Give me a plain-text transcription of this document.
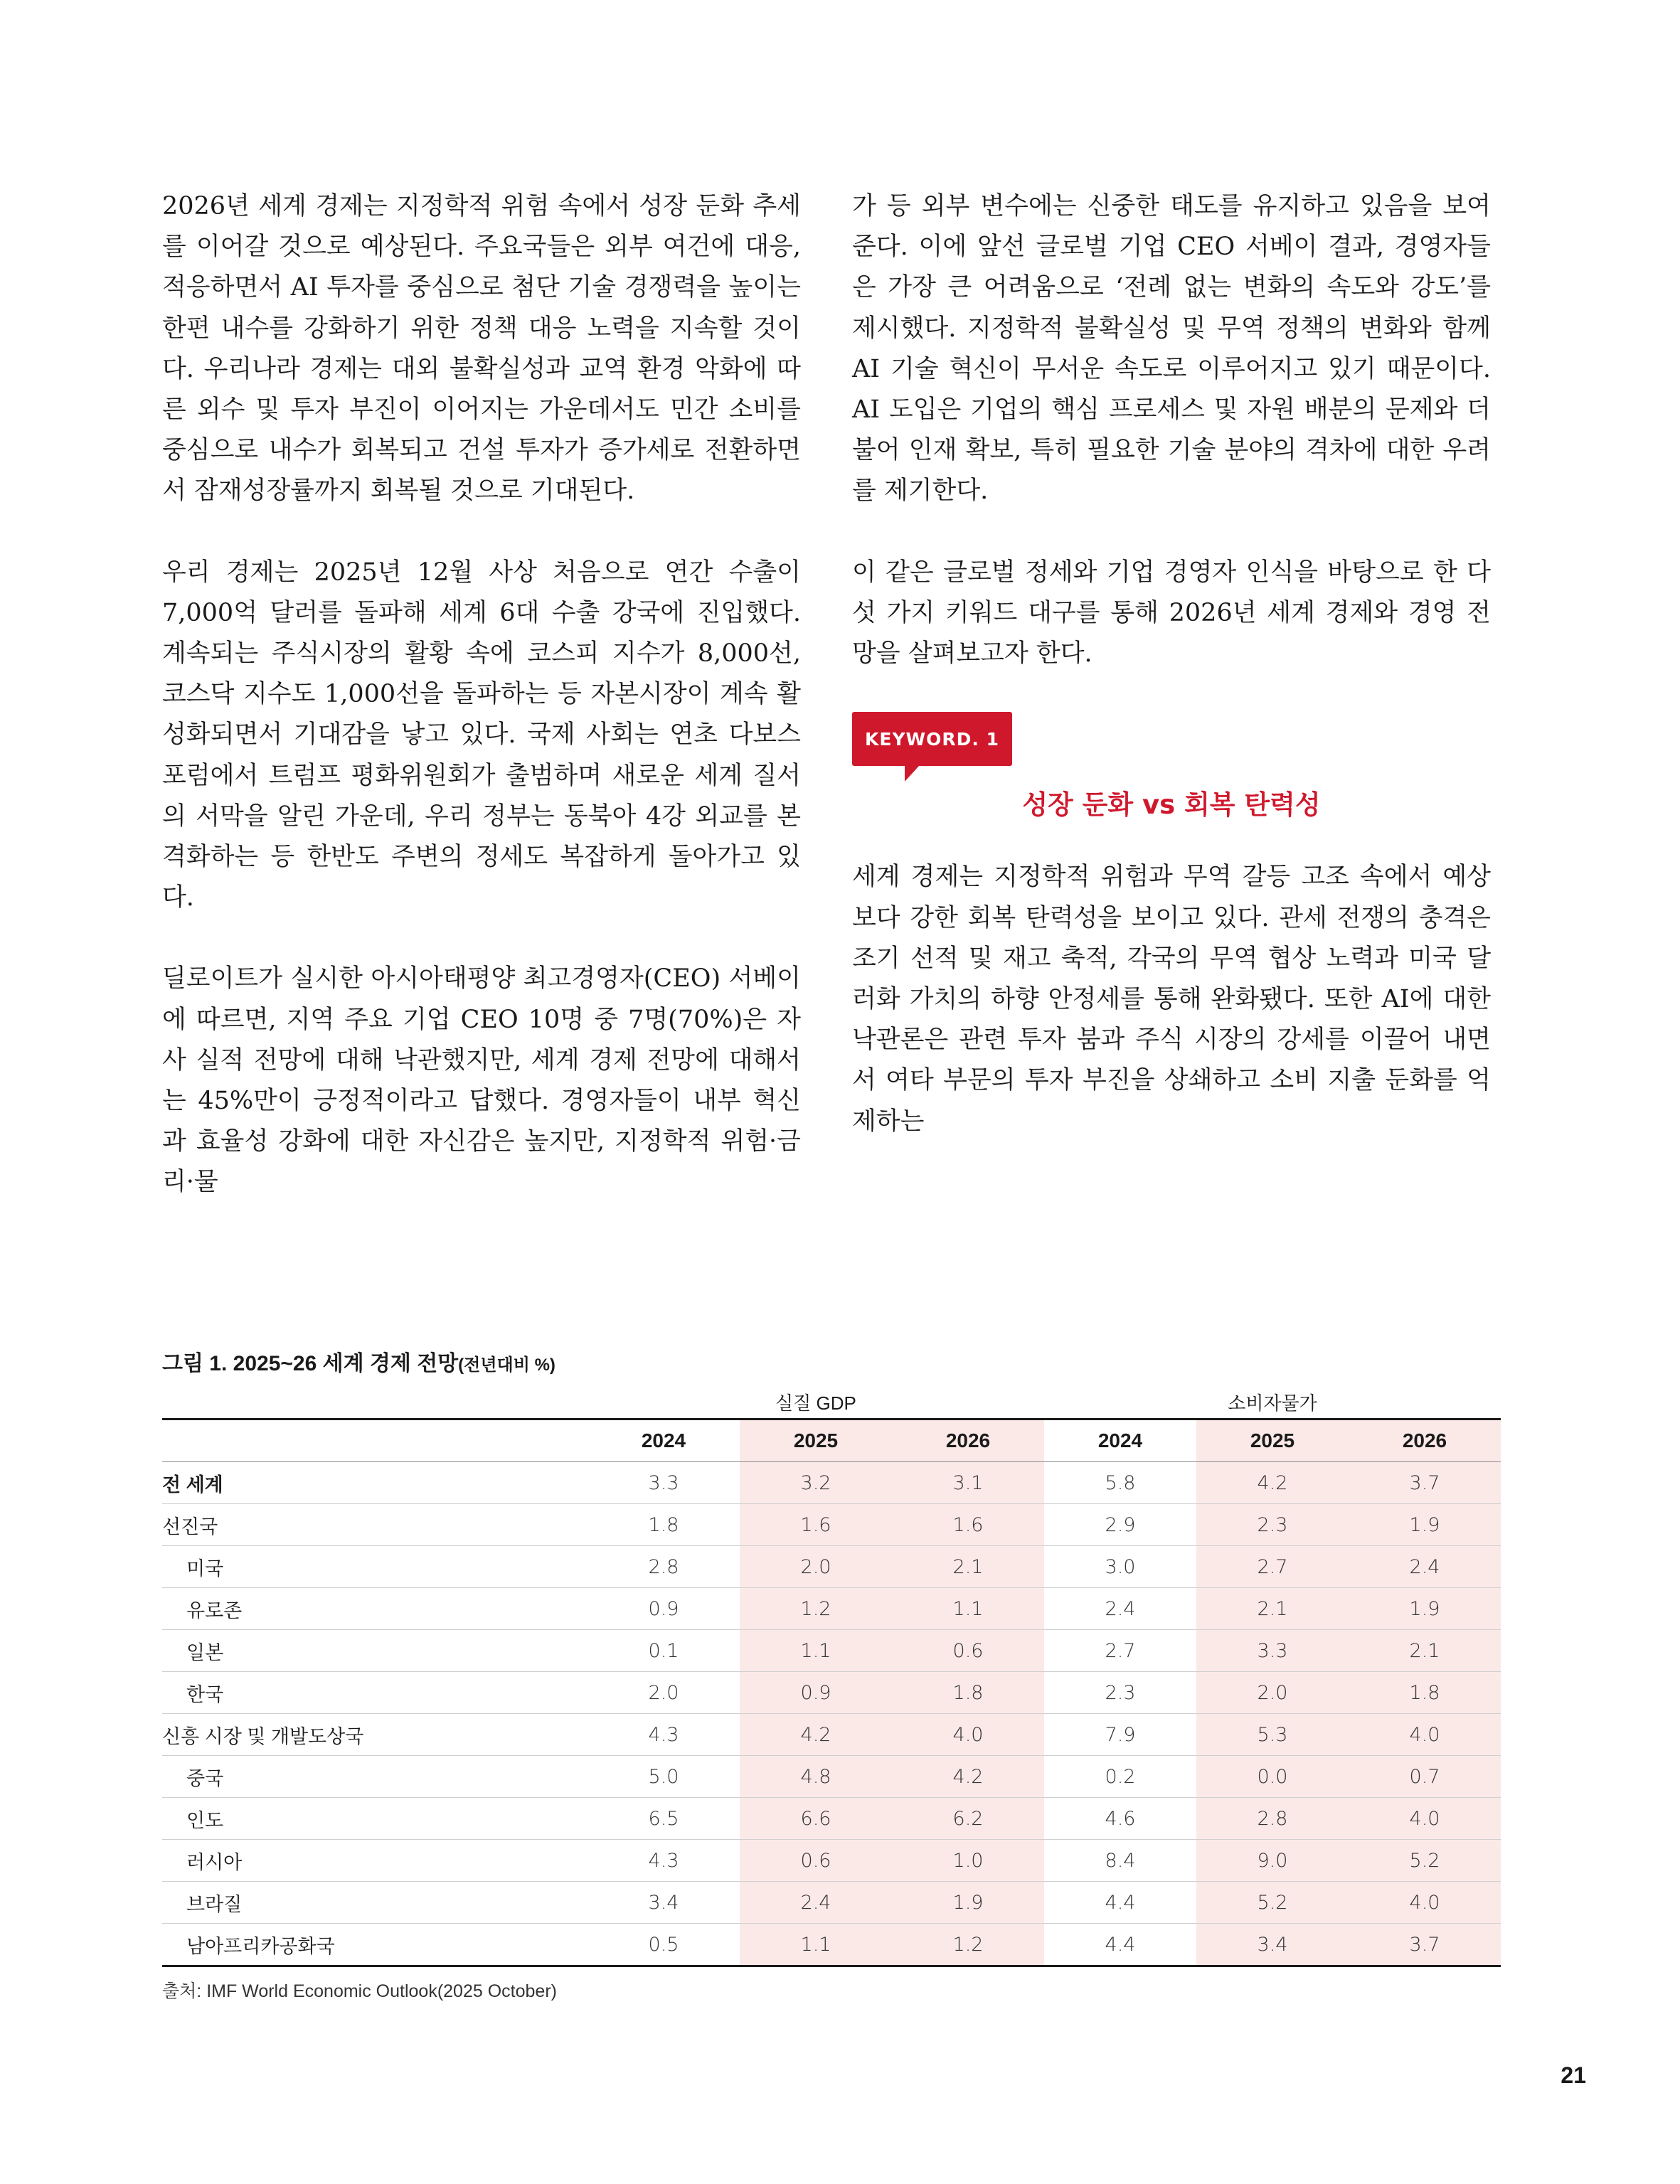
2026년 세계 경제는 지정학적 위험 속에서 성장 둔화 추세를 이어갈 것으로 예상된다. 주요국들은 외부 여건에 대응, 적응하면서 AI 투자를 중심으로 첨단 기술 경쟁력을 높이는 한편 내수를 강화하기 위한 정책 대응 노력을 지속할 것이다. 우리나라 경제는 대외 불확실성과 교역 환경 악화에 따른 외수 및 투자 부진이 이어지는 가운데서도 민간 소비를 중심으로 내수가 회복되고 건설 투자가 증가세로 전환하면서 잠재성장률까지 회복될 것으로 기대된다.

우리 경제는 2025년 12월 사상 처음으로 연간 수출이 7,000억 달러를 돌파해 세계 6대 수출 강국에 진입했다. 계속되는 주식시장의 활황 속에 코스피 지수가 8,000선, 코스닥 지수도 1,000선을 돌파하는 등 자본시장이 계속 활성화되면서 기대감을 낳고 있다. 국제 사회는 연초 다보스포럼에서 트럼프 평화위원회가 출범하며 새로운 세계 질서의 서막을 알린 가운데, 우리 정부는 동북아 4강 외교를 본격화하는 등 한반도 주변의 정세도 복잡하게 돌아가고 있다.

딜로이트가 실시한 아시아태평양 최고경영자(CEO) 서베이에 따르면, 지역 주요 기업 CEO 10명 중 7명(70%)은 자사 실적 전망에 대해 낙관했지만, 세계 경제 전망에 대해서는 45%만이 긍정적이라고 답했다. 경영자들이 내부 혁신과 효율성 강화에 대한 자신감은 높지만, 지정학적 위험·금리·물

가 등 외부 변수에는 신중한 태도를 유지하고 있음을 보여준다. 이에 앞선 글로벌 기업 CEO 서베이 결과, 경영자들은 가장 큰 어려움으로 ‘전례 없는 변화의 속도와 강도’를 제시했다. 지정학적 불확실성 및 무역 정책의 변화와 함께 AI 기술 혁신이 무서운 속도로 이루어지고 있기 때문이다. AI 도입은 기업의 핵심 프로세스 및 자원 배분의 문제와 더불어 인재 확보, 특히 필요한 기술 분야의 격차에 대한 우려를 제기한다.

이 같은 글로벌 정세와 기업 경영자 인식을 바탕으로 한 다섯 가지 키워드 대구를 통해 2026년 세계 경제와 경영 전망을 살펴보고자 한다.

KEYWORD. 1
성장 둔화 vs 회복 탄력성

세계 경제는 지정학적 위험과 무역 갈등 고조 속에서 예상보다 강한 회복 탄력성을 보이고 있다. 관세 전쟁의 충격은 조기 선적 및 재고 축적, 각국의 무역 협상 노력과 미국 달러화 가치의 하향 안정세를 통해 완화됐다. 또한 AI에 대한 낙관론은 관련 투자 붐과 주식 시장의 강세를 이끌어 내면서 여타 부문의 투자 부진을 상쇄하고 소비 지출 둔화를 억제하는

그림 1. 2025~26 세계 경제 전망(전년대비 %)
	실질 GDP			소비자물가		
	2024	2025	2026	2024	2025	2026
전 세계	3.3	3.2	3.1	5.8	4.2	3.7
선진국	1.8	1.6	1.6	2.9	2.3	1.9
미국	2.8	2.0	2.1	3.0	2.7	2.4
유로존	0.9	1.2	1.1	2.4	2.1	1.9
일본	0.1	1.1	0.6	2.7	3.3	2.1
한국	2.0	0.9	1.8	2.3	2.0	1.8
신흥 시장 및 개발도상국	4.3	4.2	4.0	7.9	5.3	4.0
중국	5.0	4.8	4.2	0.2	0.0	0.7
인도	6.5	6.6	6.2	4.6	2.8	4.0
러시아	4.3	0.6	1.0	8.4	9.0	5.2
브라질	3.4	2.4	1.9	4.4	5.2	4.0
남아프리카공화국	0.5	1.1	1.2	4.4	3.4	3.7
출처: IMF World Economic Outlook(2025 October)
21
